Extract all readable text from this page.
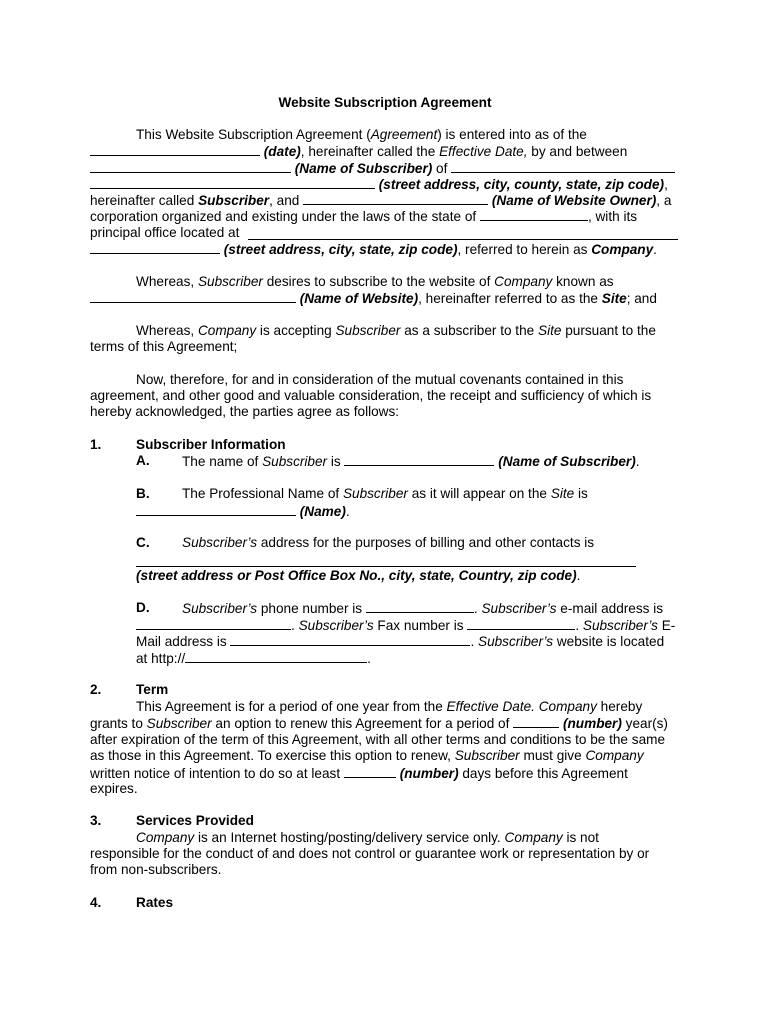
Website Subscription Agreement
This Website Subscription Agreement (Agreement) is entered into as of the
(date), hereinafter called the Effective Date, by and between
(Name of Subscriber) of
(street address, city, county, state, zip code),
hereinafter called Subscriber, and	(Name of Website Owner), a
corporation organized and existing under the laws of the state of	, with its
principal office located at
(street address, city, state, zip code), referred to herein as Company.
Whereas, Subscriber desires to subscribe to the website of Company known as
(Name of Website), hereinafter referred to as the Site; and
Whereas, Company is accepting Subscriber as a subscriber to the Site pursuant to the
terms of this Agreement;
Now, therefore, for and in consideration of the mutual covenants contained in this
agreement, and other good and valuable consideration, the receipt and sufficiency of which is
hereby acknowledged, the parties agree as follows:
1.	Subscriber Information
A. The name of Subscriber is	(Name of Subscriber).
B. The Professional Name of Subscriber as it will appear on the Site is
(Name).
C. Subscriber’s address for the purposes of billing and other contacts is
(street address or Post Office Box No., city, state, Country, zip code).
D. Subscriber’s phone number is	. Subscriber’s e-mail address is
. Subscriber’s Fax number is	. Subscriber’s E-
Mail address is	. Subscriber’s website is located
at http://	.
2.	Term
This Agreement is for a period of one year from the Effective Date. Company hereby
grants to Subscriber an option to renew this Agreement for a period of	(number) year(s)
after expiration of the term of this Agreement, with all other terms and conditions to be the same
as those in this Agreement. To exercise this option to renew, Subscriber must give Company
written notice of intention to do so at least	(number) days before this Agreement
expires.
3.	Services Provided
Company is an Internet hosting/posting/delivery service only. Company is not
responsible for the conduct of and does not control or guarantee work or representation by or
from non-subscribers.
4.	Rates
